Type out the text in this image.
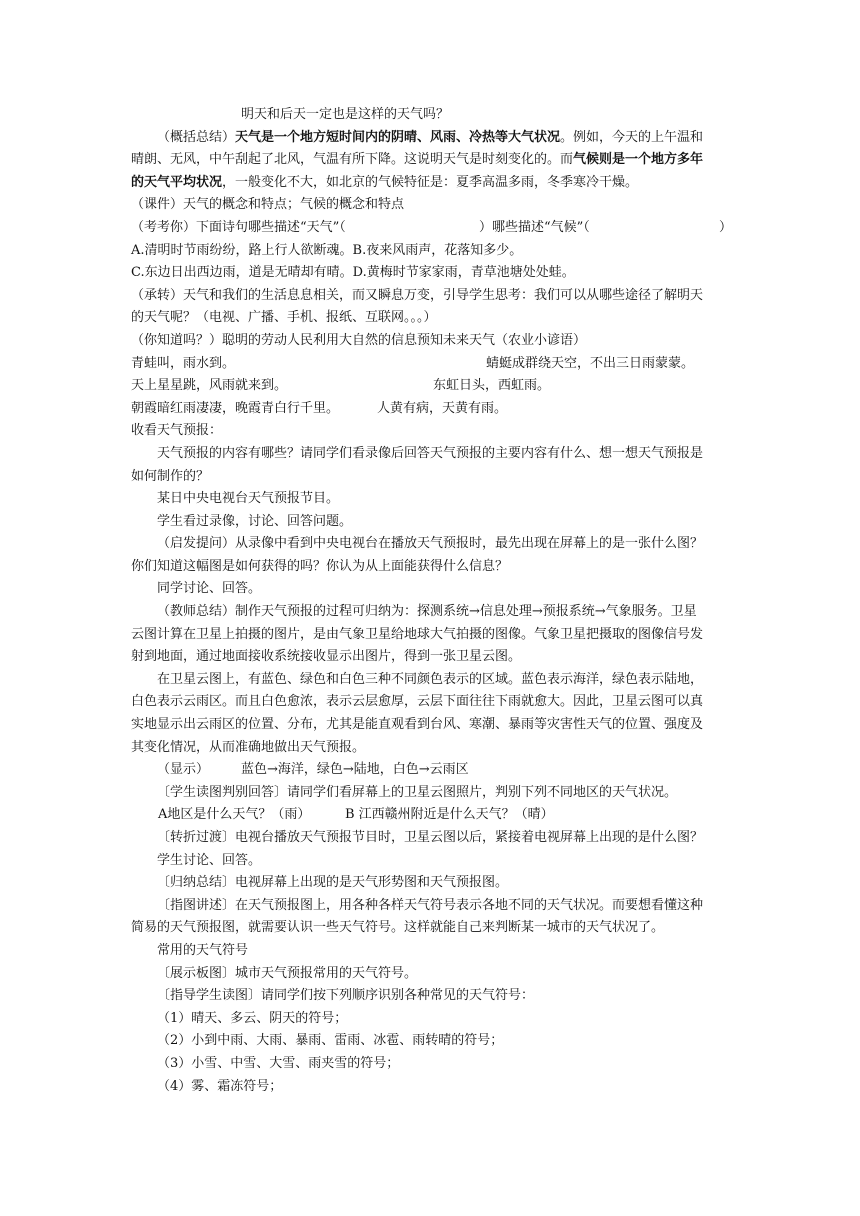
明天和后天一定也是这样的天气吗？
（概括总结）天气是一个地方短时间内的阴晴、风雨、冷热等大气状况。例如，今天的上午温和
晴朗、无风，中午刮起了北风，气温有所下降。这说明天气是时刻变化的。而气候则是一个地方多年
的天气平均状况，一般变化不大，如北京的气候特征是：夏季高温多雨，冬季寒冷干燥。
（课件）天气的概念和特点；气候的概念和特点
（考考你）下面诗句哪些描述“天气”（	）哪些描述“气候”（	）
A.清明时节雨纷纷，路上行人欲断魂。B.夜来风雨声，花落知多少。
C.东边日出西边雨，道是无晴却有晴。D.黄梅时节家家雨，青草池塘处处蛙。
（承转）天气和我们的生活息息相关，而又瞬息万变，引导学生思考：我们可以从哪些途径了解明天
的天气呢？（电视、广播、手机、报纸、互联网。。。）
（你知道吗？）聪明的劳动人民利用大自然的信息预知未来天气（农业小谚语）
青蛙叫，雨水到。	蜻蜓成群绕天空，不出三日雨蒙蒙。
天上星星跳，风雨就来到。	东虹日头，西虹雨。
朝霞暗红雨凄凄，晚霞青白行千里。	人黄有病，天黄有雨。
收看天气预报：
天气预报的内容有哪些？请同学们看录像后回答天气预报的主要内容有什么、想一想天气预报是
如何制作的？
某日中央电视台天气预报节目。
学生看过录像，讨论、回答问题。
（启发提问）从录像中看到中央电视台在播放天气预报时，最先出现在屏幕上的是一张什么图？
你们知道这幅图是如何获得的吗？你认为从上面能获得什么信息？
同学讨论、回答。
（教师总结）制作天气预报的过程可归纳为：探测系统→信息处理→预报系统→气象服务。卫星
云图计算在卫星上拍摄的图片，是由气象卫星给地球大气拍摄的图像。气象卫星把摄取的图像信号发
射到地面，通过地面接收系统接收显示出图片，得到一张卫星云图。
在卫星云图上，有蓝色、绿色和白色三种不同颜色表示的区域。蓝色表示海洋，绿色表示陆地，
白色表示云雨区。而且白色愈浓，表示云层愈厚，云层下面往往下雨就愈大。因此，卫星云图可以真
实地显示出云雨区的位置、分布，尤其是能直观看到台风、寒潮、暴雨等灾害性天气的位置、强度及
其变化情况，从而准确地做出天气预报。
（显示） 蓝色→海洋，绿色→陆地，白色→云雨区
〔学生读图判别回答〕请同学们看屏幕上的卫星云图照片，判别下列不同地区的天气状况。
A地区是什么天气？（雨）	B 江西赣州附近是什么天气？（晴）
〔转折过渡〕电视台播放天气预报节目时，卫星云图以后，紧接着电视屏幕上出现的是什么图？
学生讨论、回答。
〔归纳总结〕电视屏幕上出现的是天气形势图和天气预报图。
〔指图讲述〕在天气预报图上，用各种各样天气符号表示各地不同的天气状况。而要想看懂这种
简易的天气预报图，就需要认识一些天气符号。这样就能自己来判断某一城市的天气状况了。
常用的天气符号
〔展示板图〕城市天气预报常用的天气符号。
〔指导学生读图〕请同学们按下列顺序识别各种常见的天气符号：
（1）晴天、多云、阴天的符号；
（2）小到中雨、大雨、暴雨、雷雨、冰雹、雨转晴的符号；
（3）小雪、中雪、大雪、雨夹雪的符号；
（4）雾、霜冻符号；
